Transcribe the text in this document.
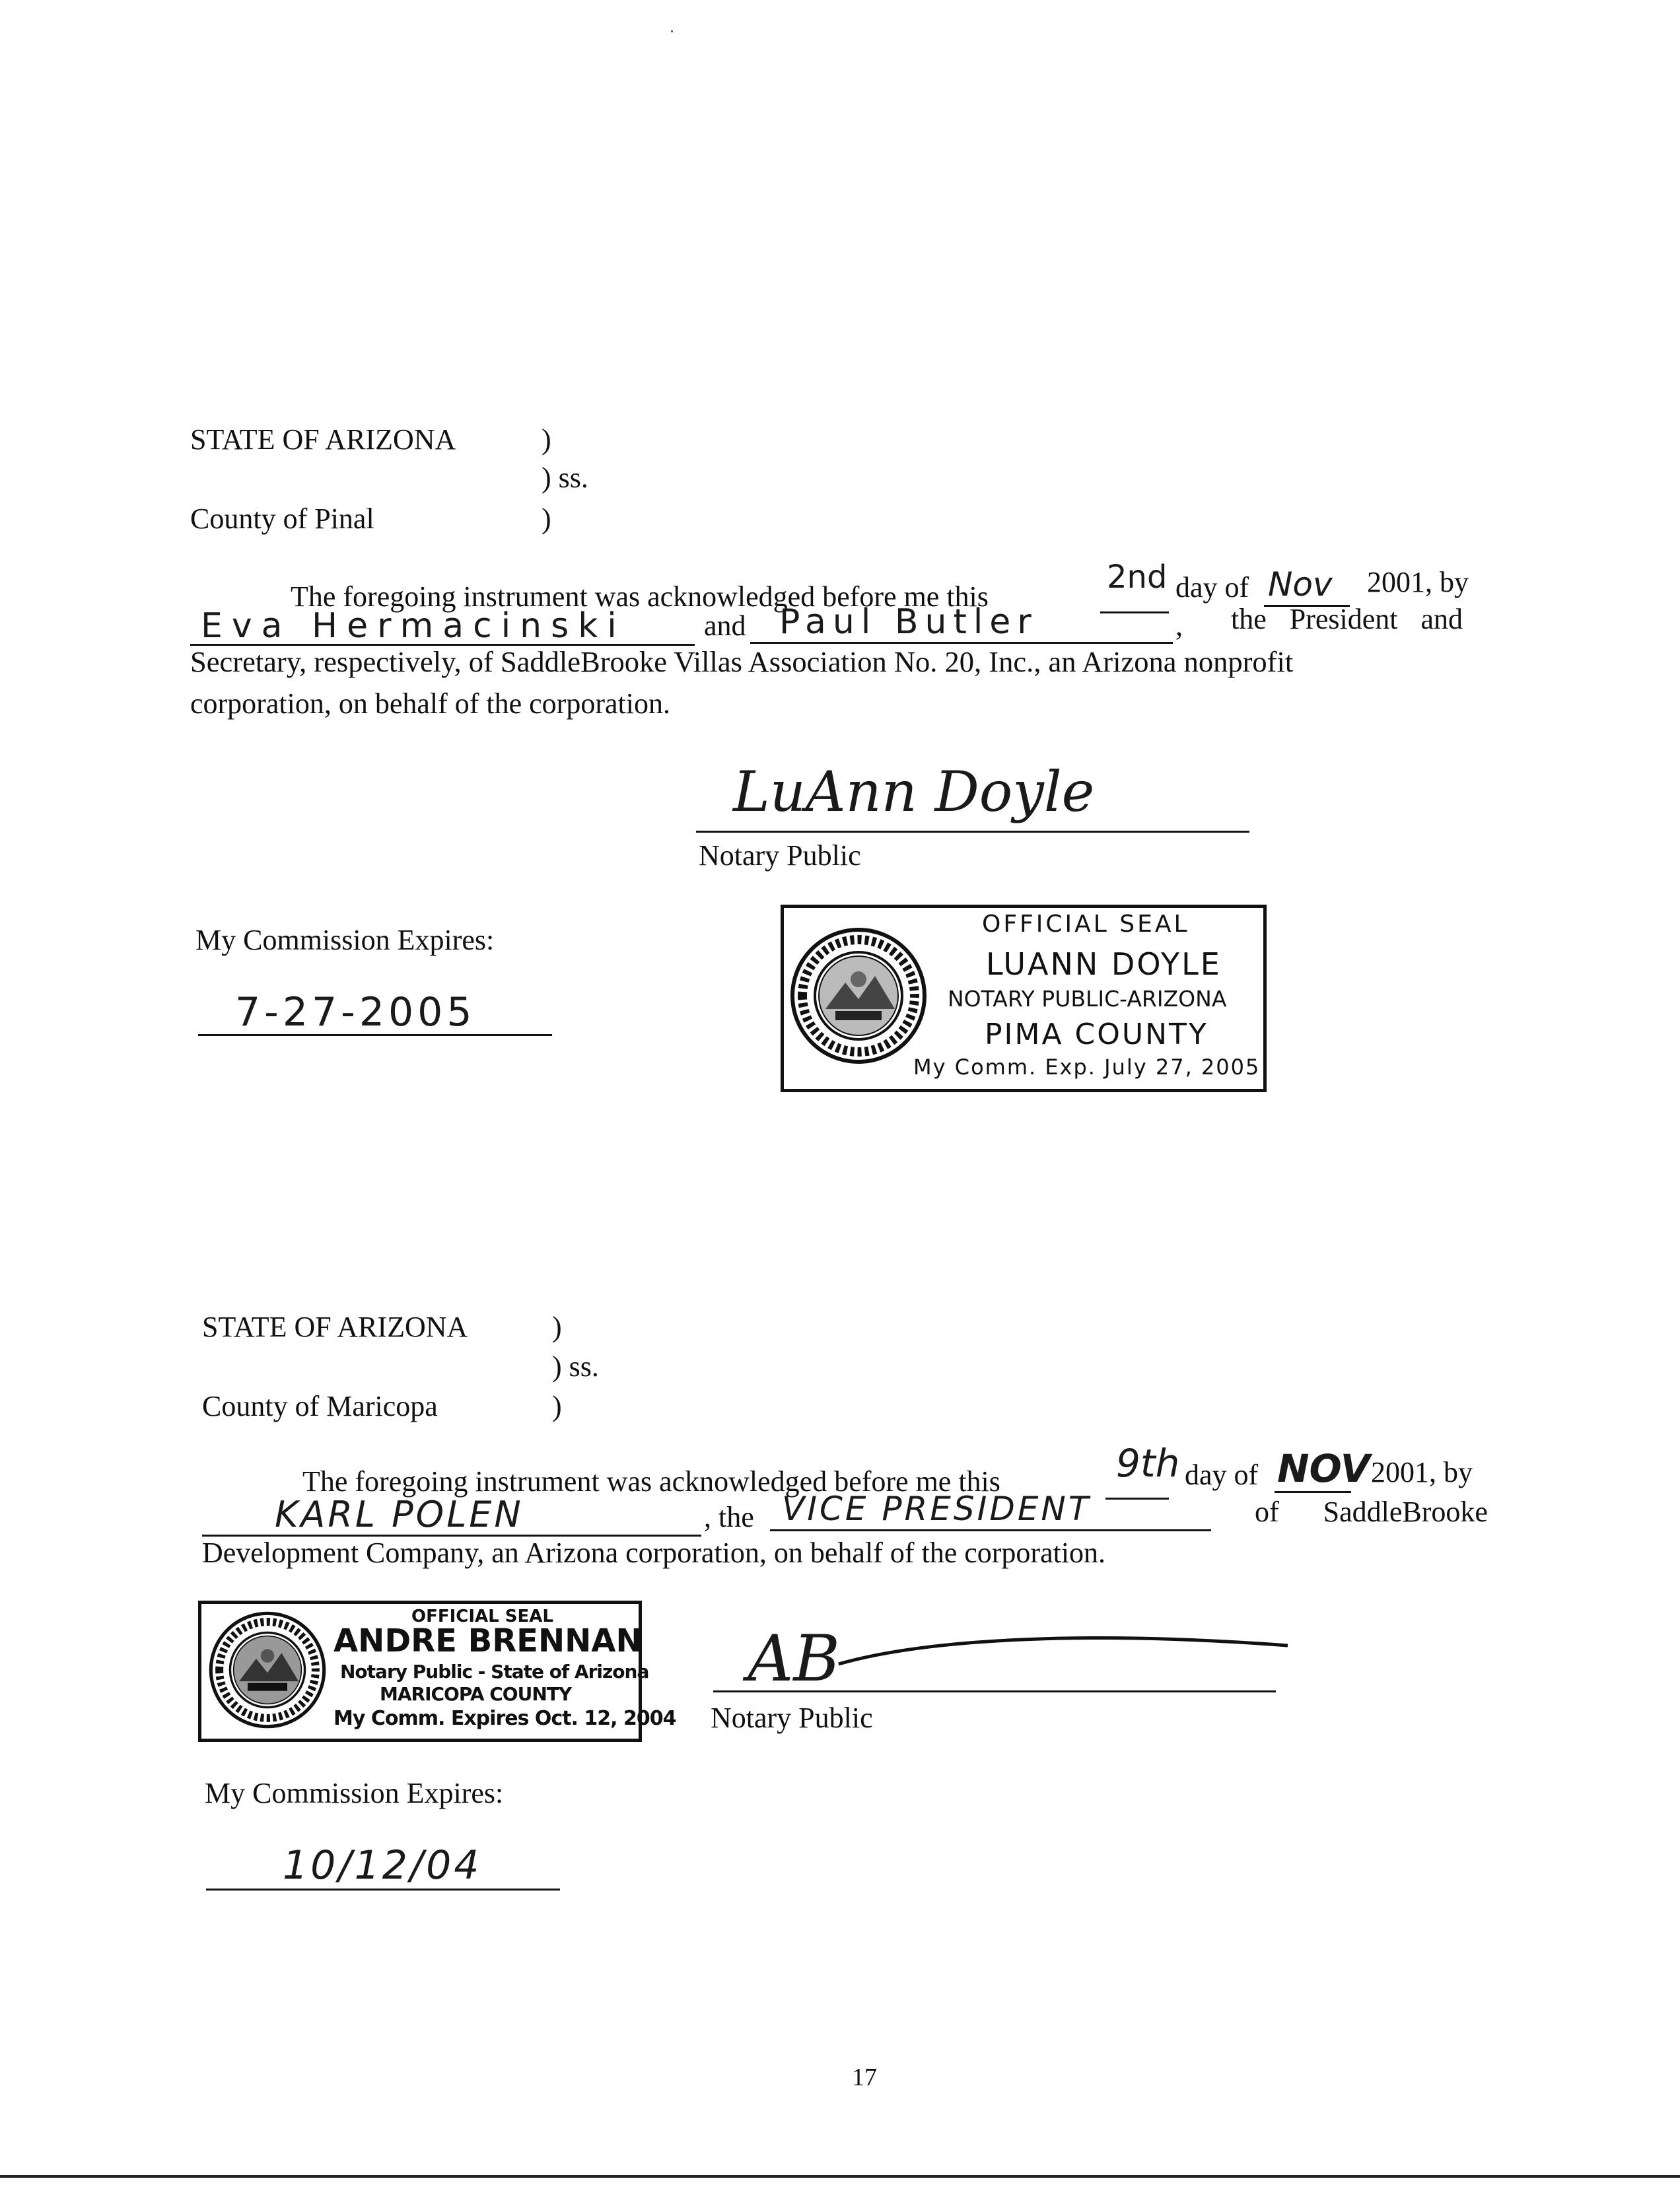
STATE OF ARIZONA	)
) ss.
County of Pinal	)
The foregoing instrument was acknowledged before me this
2nd day of Nov 2001, by
Eva Hermacinski	and Paul Butler	, the President and
Secretary, respectively, of SaddleBrooke Villas Association No. 20, Inc., an Arizona nonprofit
corporation, on behalf of the corporation.
LuAnn Doyle
Notary Public
My Commission Expires:
7-27-2005
OFFICIAL SEAL
LUANN DOYLE
NOTARY PUBLIC-ARIZONA
PIMA COUNTY
My Comm. Exp. July 27, 2005
STATE OF ARIZONA	)
) ss.
County of Maricopa	)
The foregoing instrument was acknowledged before me this	9th day of NOV 2001, by
KARL POLEN	, the VICE PRESIDENT	of SaddleBrooke
Development Company, an Arizona corporation, on behalf of the corporation.
OFFICIAL SEAL
ANDRE BRENNAN
Notary Public - State of Arizona
MARICOPA COUNTY
My Comm. Expires Oct. 12, 2004
AB
Notary Public
My Commission Expires:
10/12/04
17
